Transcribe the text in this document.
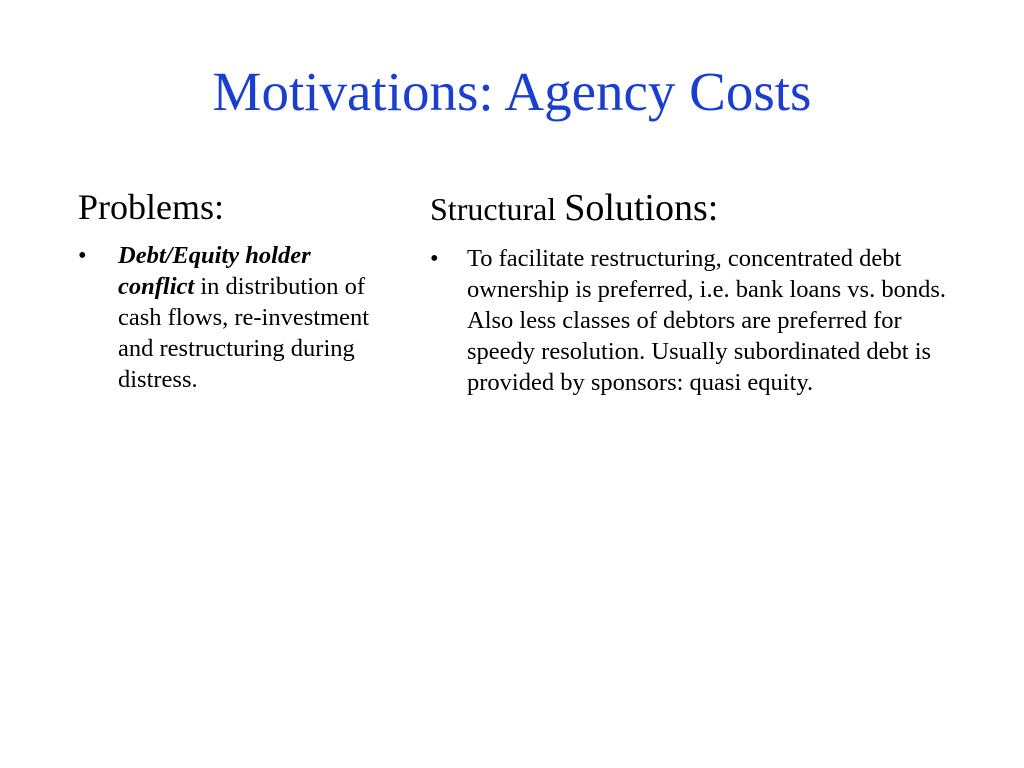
Motivations: Agency Costs
Problems:
•	Debt/Equity holder conflict in distribution of cash flows, re-investment and restructuring during distress.
Structural Solutions:
•	To facilitate restructuring, concentrated debt ownership is preferred, i.e. bank loans vs. bonds. Also less classes of debtors are preferred for speedy resolution. Usually subordinated debt is provided by sponsors: quasi equity.
